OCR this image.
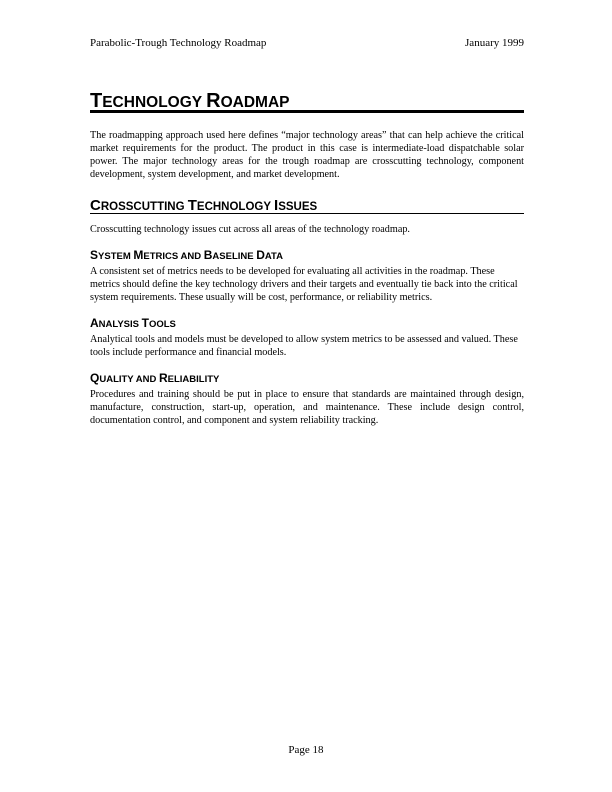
Parabolic-Trough Technology Roadmap	January 1999
TECHNOLOGY ROADMAP

The roadmapping approach used here defines “major technology areas” that can help achieve the critical market requirements for the product. The product in this case is intermediate-load dispatchable solar power. The major technology areas for the trough roadmap are crosscutting technology, component development, system development, and market development.

CROSSCUTTING TECHNOLOGY ISSUES

Crosscutting technology issues cut across all areas of the technology roadmap.

SYSTEM METRICS AND BASELINE DATA

A consistent set of metrics needs to be developed for evaluating all activities in the roadmap. These metrics should define the key technology drivers and their targets and eventually tie back into the critical system requirements. These usually will be cost, performance, or reliability metrics.

ANALYSIS TOOLS

Analytical tools and models must be developed to allow system metrics to be assessed and valued. These tools include performance and financial models.

QUALITY AND RELIABILITY

Procedures and training should be put in place to ensure that standards are maintained through design, manufacture, construction, start-up, operation, and maintenance. These include design control, documentation control, and component and system reliability tracking.

Page 18
